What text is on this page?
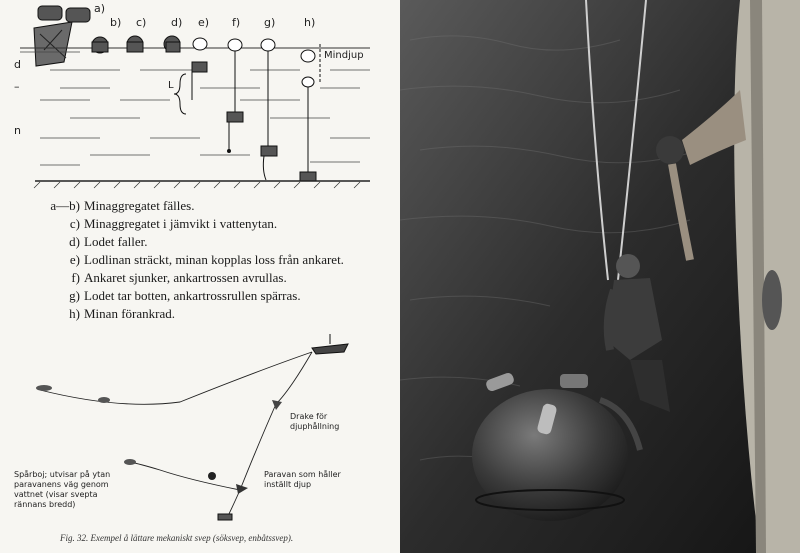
a)
b) c) d) e) f) g)	h)
Mindjup
d
–
n
L
a—b) Minaggregatet fälles.
c) Minaggregatet i jämvikt i vattenytan.
d) Lodet faller.
e) Lodlinan sträckt, minan kopplas loss från ankaret.
f) Ankaret sjunker, ankartrossen avrullas.
g) Lodet tar botten, ankartrossrullen spärras.
h) Minan förankrad.
Drake för djuphållning
Spårboj; utvisar på ytan paravanens väg genom vattnet (visar svepta rännans bredd)
Paravan som håller inställt djup
Fig. 32. Exempel å lättare mekaniskt svep (söksvep, enbåtssvep).
